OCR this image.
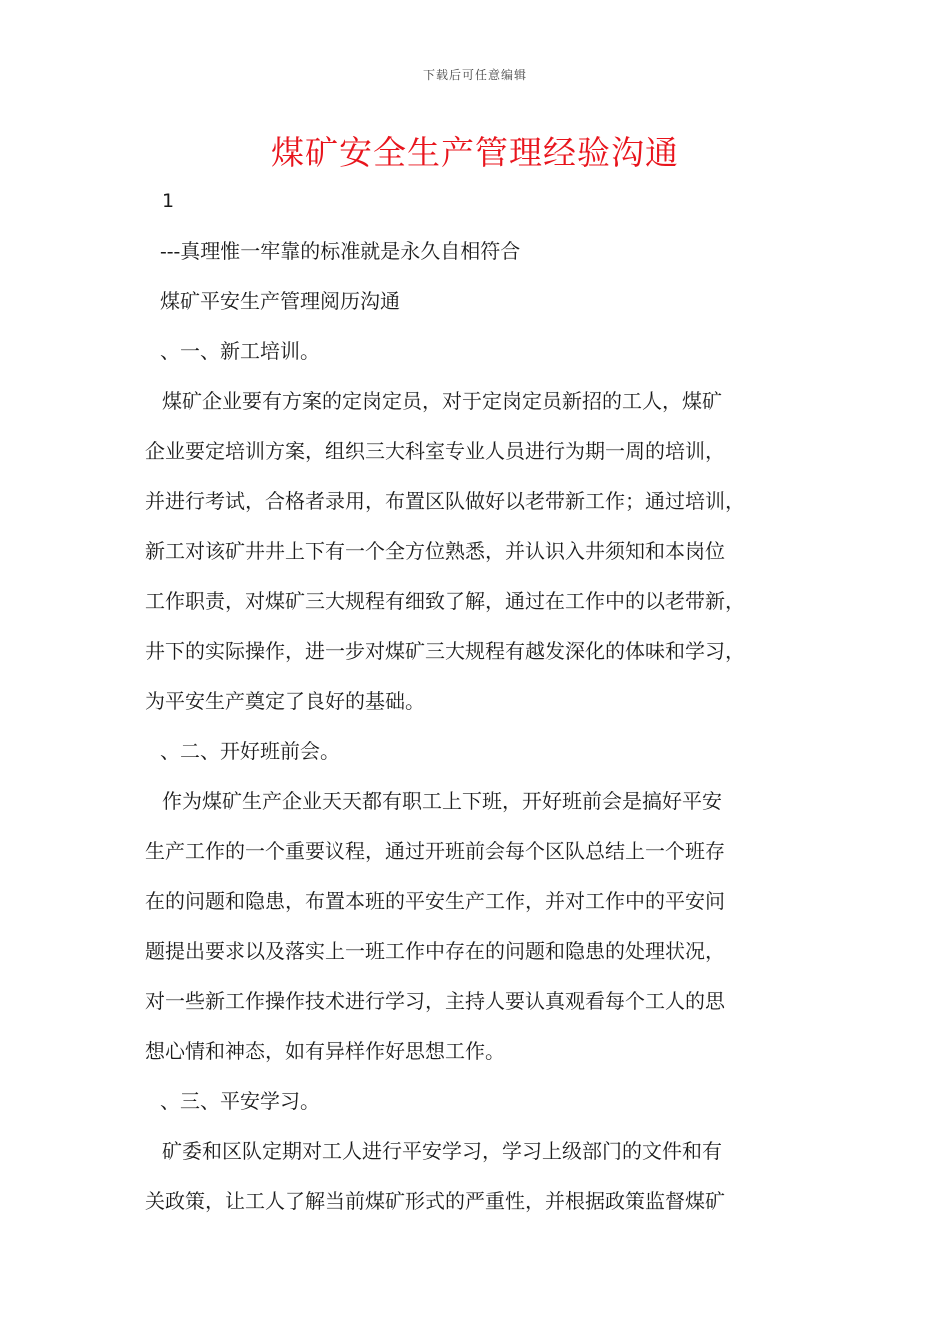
下载后可任意编辑
煤矿安全生产管理经验沟通
1
---真理惟一牢靠的标准就是永久自相符合
煤矿平安生产管理阅历沟通
、一、新工培训。
煤矿企业要有方案的定岗定员，对于定岗定员新招的工人，煤矿
企业要定培训方案，组织三大科室专业人员进行为期一周的培训，
并进行考试，合格者录用，布置区队做好以老带新工作；通过培训，
新工对该矿井井上下有一个全方位熟悉，并认识入井须知和本岗位
工作职责，对煤矿三大规程有细致了解，通过在工作中的以老带新，
井下的实际操作，进一步对煤矿三大规程有越发深化的体味和学习，
为平安生产奠定了良好的基础。
、二、开好班前会。
作为煤矿生产企业天天都有职工上下班，开好班前会是搞好平安
生产工作的一个重要议程，通过开班前会每个区队总结上一个班存
在的问题和隐患，布置本班的平安生产工作，并对工作中的平安问
题提出要求以及落实上一班工作中存在的问题和隐患的处理状况，
对一些新工作操作技术进行学习，主持人要认真观看每个工人的思
想心情和神态，如有异样作好思想工作。
、三、平安学习。
矿委和区队定期对工人进行平安学习，学习上级部门的文件和有
关政策，让工人了解当前煤矿形式的严重性，并根据政策监督煤矿
